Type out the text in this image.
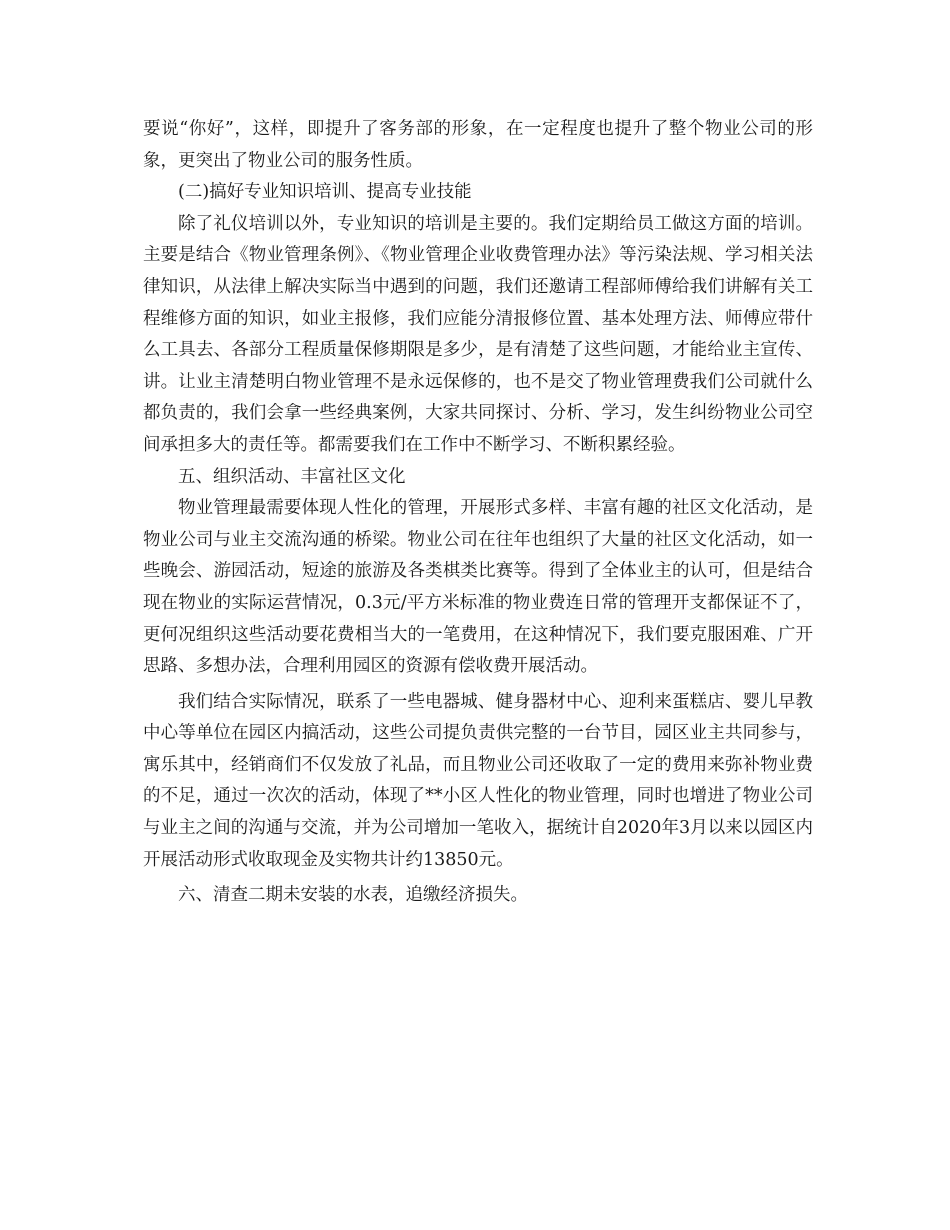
要说“你好”，这样，即提升了客务部的形象，在一定程度也提升了整个物业公司的形象，更突出了物业公司的服务性质。

(二)搞好专业知识培训、提高专业技能

除了礼仪培训以外，专业知识的培训是主要的。我们定期给员工做这方面的培训。主要是结合《物业管理条例》、《物业管理企业收费管理办法》等污染法规、学习相关法律知识，从法律上解决实际当中遇到的问题，我们还邀请工程部师傅给我们讲解有关工程维修方面的知识，如业主报修，我们应能分清报修位置、基本处理方法、师傅应带什么工具去、各部分工程质量保修期限是多少，是有清楚了这些问题，才能给业主宣传、讲。让业主清楚明白物业管理不是永远保修的，也不是交了物业管理费我们公司就什么都负责的，我们会拿一些经典案例，大家共同探讨、分析、学习，发生纠纷物业公司空间承担多大的责任等。都需要我们在工作中不断学习、不断积累经验。

五、组织活动、丰富社区文化

物业管理最需要体现人性化的管理，开展形式多样、丰富有趣的社区文化活动，是物业公司与业主交流沟通的桥梁。物业公司在往年也组织了大量的社区文化活动，如一些晚会、游园活动，短途的旅游及各类棋类比赛等。得到了全体业主的认可，但是结合现在物业的实际运营情况，0.3元/平方米标准的物业费连日常的管理开支都保证不了，更何况组织这些活动要花费相当大的一笔费用，在这种情况下，我们要克服困难、广开思路、多想办法，合理利用园区的资源有偿收费开展活动。

我们结合实际情况，联系了一些电器城、健身器材中心、迎利来蛋糕店、婴儿早教中心等单位在园区内搞活动，这些公司提负责供完整的一台节目，园区业主共同参与，寓乐其中，经销商们不仅发放了礼品，而且物业公司还收取了一定的费用来弥补物业费的不足，通过一次次的活动，体现了**小区人性化的物业管理，同时也增进了物业公司与业主之间的沟通与交流，并为公司增加一笔收入，据统计自2020年3月以来以园区内开展活动形式收取现金及实物共计约13850元。

六、清查二期未安装的水表，追缴经济损失。
